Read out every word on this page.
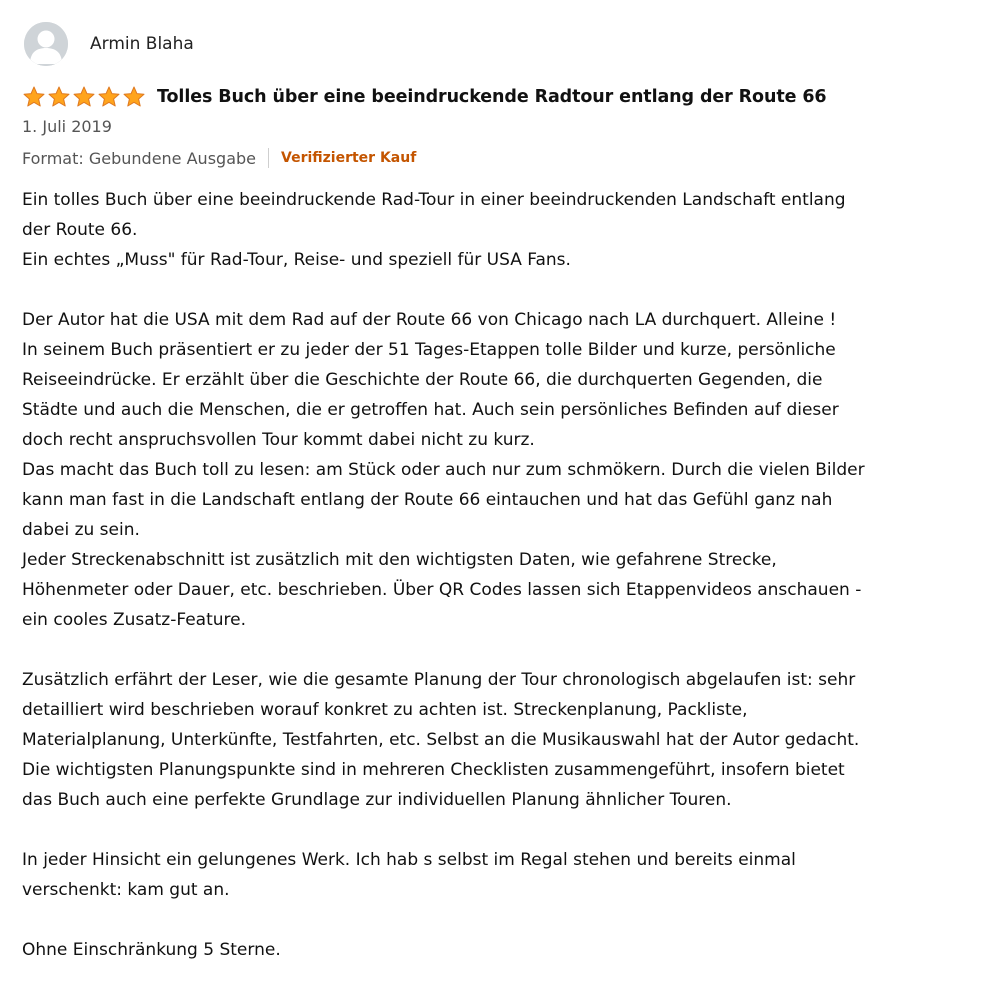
Armin Blaha
Tolles Buch über eine beeindruckende Radtour entlang der Route 66
1. Juli 2019
Format: Gebundene Ausgabe Verifizierter Kauf
Ein tolles Buch über eine beeindruckende Rad-Tour in einer beeindruckenden Landschaft entlang
der Route 66.
Ein echtes „Muss" für Rad-Tour, Reise- und speziell für USA Fans.
Der Autor hat die USA mit dem Rad auf der Route 66 von Chicago nach LA durchquert. Alleine !
In seinem Buch präsentiert er zu jeder der 51 Tages-Etappen tolle Bilder und kurze, persönliche
Reiseeindrücke. Er erzählt über die Geschichte der Route 66, die durchquerten Gegenden, die
Städte und auch die Menschen, die er getroffen hat. Auch sein persönliches Befinden auf dieser
doch recht anspruchsvollen Tour kommt dabei nicht zu kurz.
Das macht das Buch toll zu lesen: am Stück oder auch nur zum schmökern. Durch die vielen Bilder
kann man fast in die Landschaft entlang der Route 66 eintauchen und hat das Gefühl ganz nah
dabei zu sein.
Jeder Streckenabschnitt ist zusätzlich mit den wichtigsten Daten, wie gefahrene Strecke,
Höhenmeter oder Dauer, etc. beschrieben. Über QR Codes lassen sich Etappenvideos anschauen -
ein cooles Zusatz-Feature.
Zusätzlich erfährt der Leser, wie die gesamte Planung der Tour chronologisch abgelaufen ist: sehr
detailliert wird beschrieben worauf konkret zu achten ist. Streckenplanung, Packliste,
Materialplanung, Unterkünfte, Testfahrten, etc. Selbst an die Musikauswahl hat der Autor gedacht.
Die wichtigsten Planungspunkte sind in mehreren Checklisten zusammengeführt, insofern bietet
das Buch auch eine perfekte Grundlage zur individuellen Planung ähnlicher Touren.
In jeder Hinsicht ein gelungenes Werk. Ich hab s selbst im Regal stehen und bereits einmal
verschenkt: kam gut an.
Ohne Einschränkung 5 Sterne.
